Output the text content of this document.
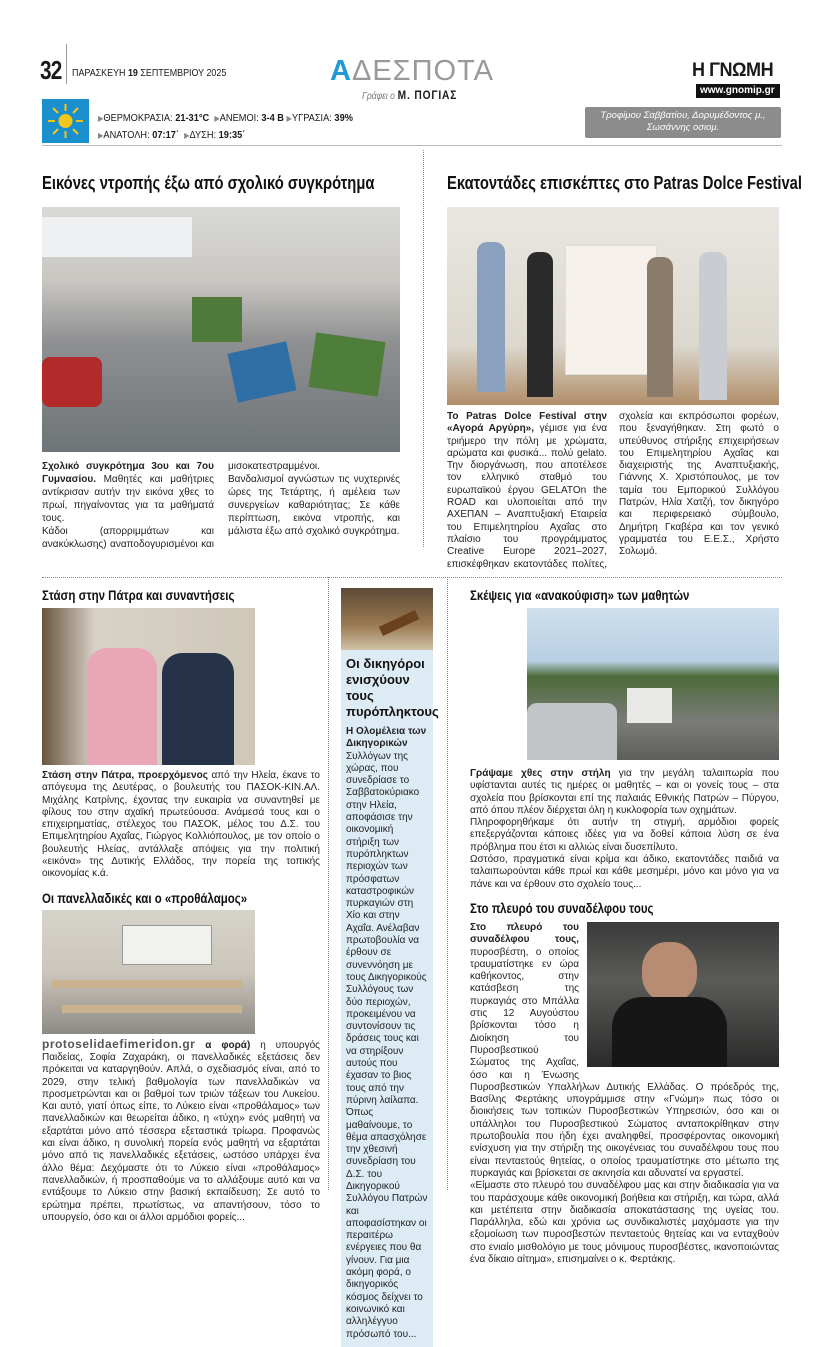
32 ΠΑΡΑΣΚΕΥΗ 19 ΣΕΠΤΕΜΒΡΙΟΥ 2025	ΑΔΕΣΠΟΤΑ
Γράφει ο Μ. ΠΟΓΙΑΣ
Η ΓΝΩΜΗ
www.gnomip.gr
▶ΘΕΡΜΟΚΡΑΣΙΑ: 21-31°C ▶ΑΝΕΜΟΙ: 3-4 Β ▶ΥΓΡΑΣΙΑ: 39%
▶ΑΝΑΤΟΛΗ: 07:17΄ ▶ΔΥΣΗ: 19:35΄
Τροφίμου Σαββατίου, Δορυμέδοντος μ., Σωσάννης οσιομ.
Εικόνες ντροπής έξω από σχολικό συγκρότημα

Σχολικό συγκρότημα 3ου και 7ου Γυμνασίου. Μαθητές και μαθήτριες αντίκρισαν αυτήν την εικόνα χθες το πρωί, πηγαίνοντας για τα μαθήματά τους.

Κάδοι (απορριμμάτων και ανακύκλωσης) αναποδογυρισμένοι και μισοκατεστραμμένοι.

Βανδαλισμοί αγνώστων τις νυχτερινές ώρες της Τετάρτης, ή αμέλεια των συνεργείων καθαριότητας; Σε κάθε περίπτωση, εικόνα ντροπής, και μάλιστα έξω από σχολικό συγκρότημα.

Εκατοντάδες επισκέπτες στο Patras Dolce Festival

Το Patras Dolce Festival στην «Αγορά Αργύρη», γέμισε για ένα τριήμερο την πόλη με χρώματα, αρώματα και φυσικά... πολύ gelato. Την διοργάνωση, που αποτέλεσε τον ελληνικό σταθμό του ευρωπαϊκού έργου GELATOn the ROAD και υλοποιείται από την ΑΧΕΠΑΝ – Αναπτυξιακή Εταιρεία του Επιμελητηρίου Αχαΐας στο πλαίσιο του προγράμματος Creative Europe 2021–2027, επισκέφθηκαν εκατοντάδες πολίτες, σχολεία και εκπρόσωποι φορέων, που ξεναγήθηκαν. Στη φωτό ο υπεύθυνος στήριξης επιχειρήσεων του Επιμελητηρίου Αχαΐας και διαχειριστής της Αναπτυξιακής, Γιάννης Χ. Χριστόπουλος, με τον ταμία του Εμπορικού Συλλόγου Πατρών, Ηλία Χατζή, τον δικηγόρο και περιφερειακό σύμβουλο, Δημήτρη Γκαβέρα και τον γενικό γραμματέα του Ε.Ε.Σ., Χρήστο Σολωμό.

Στάση στην Πάτρα και συναντήσεις

Στάση στην Πάτρα, προερχόμενος από την Ηλεία, έκανε το απόγευμα της Δευτέρας, ο βουλευτής του ΠΑΣΟΚ-ΚΙΝ.ΑΛ. Μιχάλης Κατρίνης, έχοντας την ευκαιρία να συναντηθεί με φίλους του στην αχαϊκή πρωτεύουσα. Ανάμεσά τους και ο επιχειρηματίας, στέλεχος του ΠΑΣΟΚ, μέλος του Δ.Σ. του Επιμελητηρίου Αχαΐας, Γιώργος Κολλιόπουλος, με τον οποίο ο βουλευτής Ηλείας, αντάλλαξε απόψεις για την πολιτική «εικόνα» της Δυτικής Ελλάδος, την πορεία της τοπικής οικονομίας κ.ά.

Οι πανελλαδικές και ο «προθάλαμος»

protoselidaefimeridon.gr α φορά) η υπουργός Παιδείας, Σοφία Ζαχαράκη, οι πανελλαδικές εξετάσεις δεν πρόκειται να καταργηθούν. Απλά, ο σχεδιασμός είναι, από το 2029, στην τελική βαθμολογία των πανελλαδικών να προσμετρώνται και οι βαθμοί των τριών τάξεων του Λυκείου. Και αυτό, γιατί όπως είπε, το Λύκειο είναι «προθάλαμος» των πανελλαδικών και θεωρείται άδικο, η «τύχη» ενός μαθητή να εξαρτάται μόνο από τέσσερα εξεταστικά τρίωρα. Προφανώς και είναι άδικο, η συνολική πορεία ενός μαθητή να εξαρτάται μόνο από τις πανελλαδικές εξετάσεις, ωστόσο υπάρχει ένα άλλο θέμα: Δεχόμαστε ότι το Λύκειο είναι «προθάλαμος» πανελλαδικών, ή προσπαθούμε να το αλλάξουμε αυτό και να εντάξουμε το Λύκειο στην βασική εκπαίδευση; Σε αυτό το ερώτημα πρέπει, πρωτίστως, να απαντήσουν, τόσο το υπουργείο, όσο και οι άλλοι αρμόδιοι φορείς...

Οι δικηγόροι ενισχύουν τους πυρόπληκτους
Η Ολομέλεια των Δικηγορικών Συλλόγων της χώρας, που συνεδρίασε το Σαββατοκύριακο στην Ηλεία, αποφάσισε την οικονομική στήριξη των πυρόπληκτων περιοχών των πρόσφατων καταστροφικών πυρκαγιών στη Χίο και στην Αχαΐα. Ανέλαβαν πρωτοβουλία να έρθουν σε συνεννόηση με τους Δικηγορικούς Συλλόγους των δύο περιοχών, προκειμένου να συντονίσουν τις δράσεις τους και να στηρίξουν αυτούς που έχασαν το βιος τους από την πύρινη λαίλαπα. Όπως μαθαίνουμε, το θέμα απασχόλησε την χθεσινή συνεδρίαση του Δ.Σ. του Δικηγορικού Συλλόγου Πατρών και αποφασίστηκαν οι περαιτέρω ενέργειες που θα γίνουν. Για μια ακόμη φορά, ο δικηγορικός κόσμος δείχνει το κοινωνικό και αλληλέγγυο πρόσωπό του...
Σκέψεις για «ανακούφιση» των μαθητών

Γράψαμε χθες στην στήλη για την μεγάλη ταλαιπωρία που υφίστανται αυτές τις ημέρες οι μαθητές – και οι γονείς τους – στα σχολεία που βρίσκονται επί της παλαιάς Εθνικής Πατρών – Πύργου, από όπου πλέον διέρχεται όλη η κυκλοφορία των οχημάτων.

Πληροφορηθήκαμε ότι αυτήν τη στιγμή, αρμόδιοι φορείς επεξεργάζονται κάποιες ιδέες για να δοθεί κάποια λύση σε ένα πρόβλημα που έτσι κι αλλιώς είναι δυσεπίλυτο.

Ωστόσο, πραγματικά είναι κρίμα και άδικο, εκατοντάδες παιδιά να ταλαιπωρούνται κάθε πρωί και κάθε μεσημέρι, μόνο και μόνο για να πάνε και να έρθουν στο σχολείο τους...

Στο πλευρό του συναδέλφου τους

Στο πλευρό του συναδέλφου τους, πυροσβέστη, ο οποίος τραυματίστηκε εν ώρα καθήκοντος, στην κατάσβεση της πυρκαγιάς στο Μπάλλα στις 12 Αυγούστου βρίσκονται τόσο η Διοίκηση του Πυροσβεστικού Σώματος της Αχαΐας, όσο και η Ένωσης Πυροσβεστικών Υπαλλήλων Δυτικής Ελλάδας. Ο πρόεδρός της, Βασίλης Φερτάκης υπογράμμισε στην «Γνώμη» πως τόσο οι διοικήσεις των τοπικών Πυροσβεστικών Υπηρεσιών, όσο και οι υπάλληλοι του Πυροσβεστικού Σώματος ανταποκρίθηκαν στην πρωτοβουλία που ήδη έχει αναληφθεί, προσφέροντας οικονομική ενίσχυση για την στήριξη της οικογένειας του συναδέλφου τους που είναι πενταετούς θητείας, ο οποίος τραυματίστηκε στο μέτωπο της πυρκαγιάς και βρίσκεται σε ακινησία και αδυνατεί να εργαστεί.

«Είμαστε στο πλευρό του συναδέλφου μας και στην διαδικασία για να του παράσχουμε κάθε οικονομική βοήθεια και στήριξη, και τώρα, αλλά και μετέπειτα στην διαδικασία αποκατάστασης της υγείας του. Παράλληλα, εδώ και χρόνια ως συνδικαλιστές μαχόμαστε για την εξομοίωση των πυροσβεστών πενταετούς θητείας και να ενταχθούν στο ενιαίο μισθολόγιο με τους μόνιμους πυροσβέστες, ικανοποιώντας ένα δίκαιο αίτημα», επισημαίνει ο κ. Φερτάκης.
